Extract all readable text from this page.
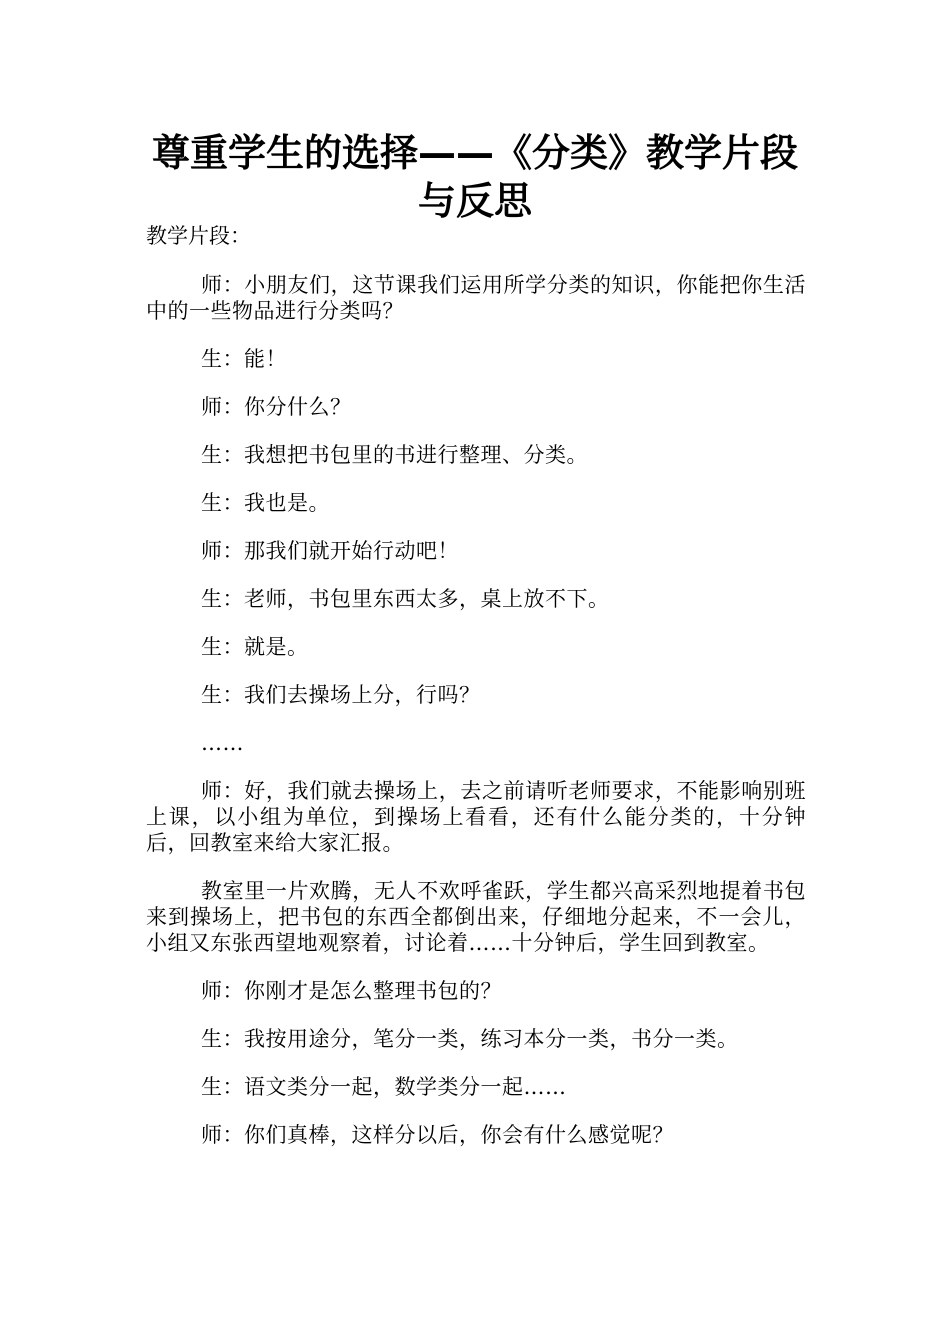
尊重学生的选择——《分类》教学片段
与反思

教学片段：

师：小朋友们，这节课我们运用所学分类的知识，你能把你生活中的一些物品进行分类吗？

生：能！

师：你分什么？

生：我想把书包里的书进行整理、分类。

生：我也是。

师：那我们就开始行动吧！

生：老师，书包里东西太多，桌上放不下。

生：就是。

生：我们去操场上分，行吗？

……

师：好，我们就去操场上，去之前请听老师要求，不能影响别班上课，以小组为单位，到操场上看看，还有什么能分类的，十分钟后，回教室来给大家汇报。

教室里一片欢腾，无人不欢呼雀跃，学生都兴高采烈地提着书包来到操场上，把书包的东西全都倒出来，仔细地分起来，不一会儿，小组又东张西望地观察着，讨论着……十分钟后，学生回到教室。

师：你刚才是怎么整理书包的？

生：我按用途分，笔分一类，练习本分一类，书分一类。

生：语文类分一起，数学类分一起……

师：你们真棒，这样分以后，你会有什么感觉呢？
